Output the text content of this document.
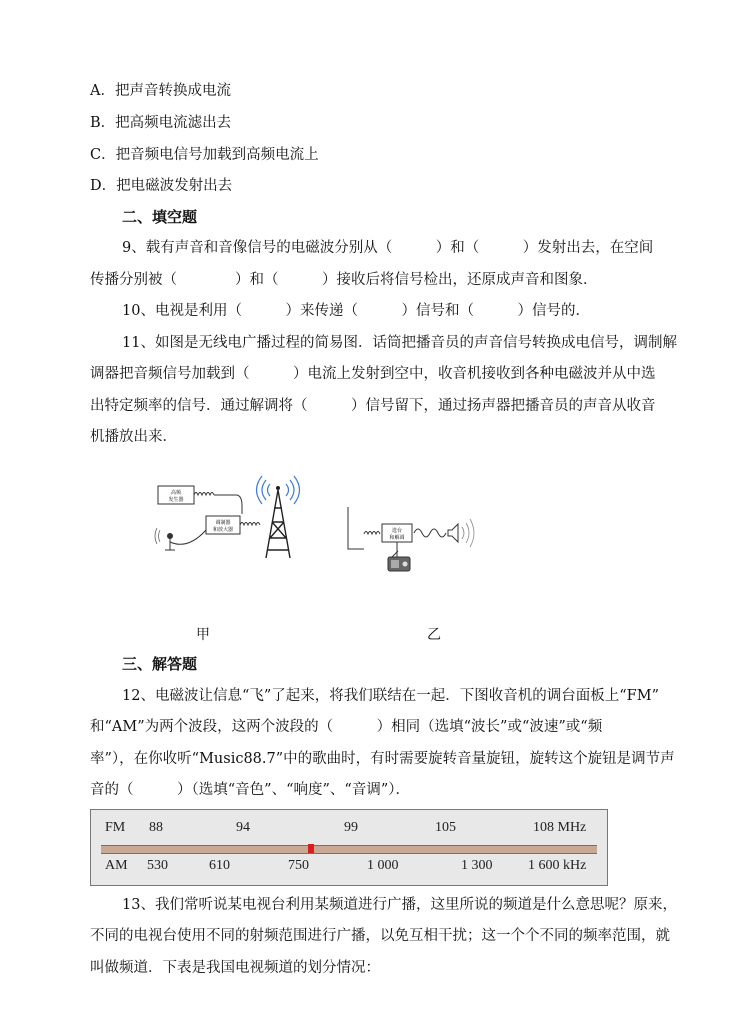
A．把声音转换成电流
B．把高频电流滤出去
C．把音频电信号加载到高频电流上
D．把电磁波发射出去
二、填空题
9、载有声音和音像信号的电磁波分别从（　　　）和（　　　）发射出去，在空间
传播分别被（　　　　）和（　　　）接收后将信号检出，还原成声音和图象．
10、电视是利用（　　　）来传递（　　　）信号和（　　　）信号的．
11、如图是无线电广播过程的简易图．话筒把播音员的声音信号转换成电信号，调制解
调器把音频信号加载到（　　　）电流上发射到空中，收音机接收到各种电磁波并从中选
出特定频率的信号．通过解调将（　　　）信号留下，通过扬声器把播音员的声音从收音
机播放出来．
高频
发生器
调制器
和放大器	选台
和解调
甲	乙
三、解答题
12、电磁波让信息“飞”了起来，将我们联结在一起．下图收音机的调台面板上“FM”
和“AM”为两个波段，这两个波段的（　　　）相同（选填“波长”或“波速”或“频
率”），在你收听“Music88.7”中的歌曲时，有时需要旋转音量旋钮，旋转这个旋钮是调节声
音的（　　　）（选填“音色”、“响度”、“音调”）．
FM 88	94	99	105	108 MHz
AM 530	610	750	1 000	1 300	1 600 kHz
13、我们常听说某电视台利用某频道进行广播，这里所说的频道是什么意思呢？原来，
不同的电视台使用不同的射频范围进行广播，以免互相干扰；这一个个不同的频率范围，就
叫做频道．下表是我国电视频道的划分情况：
